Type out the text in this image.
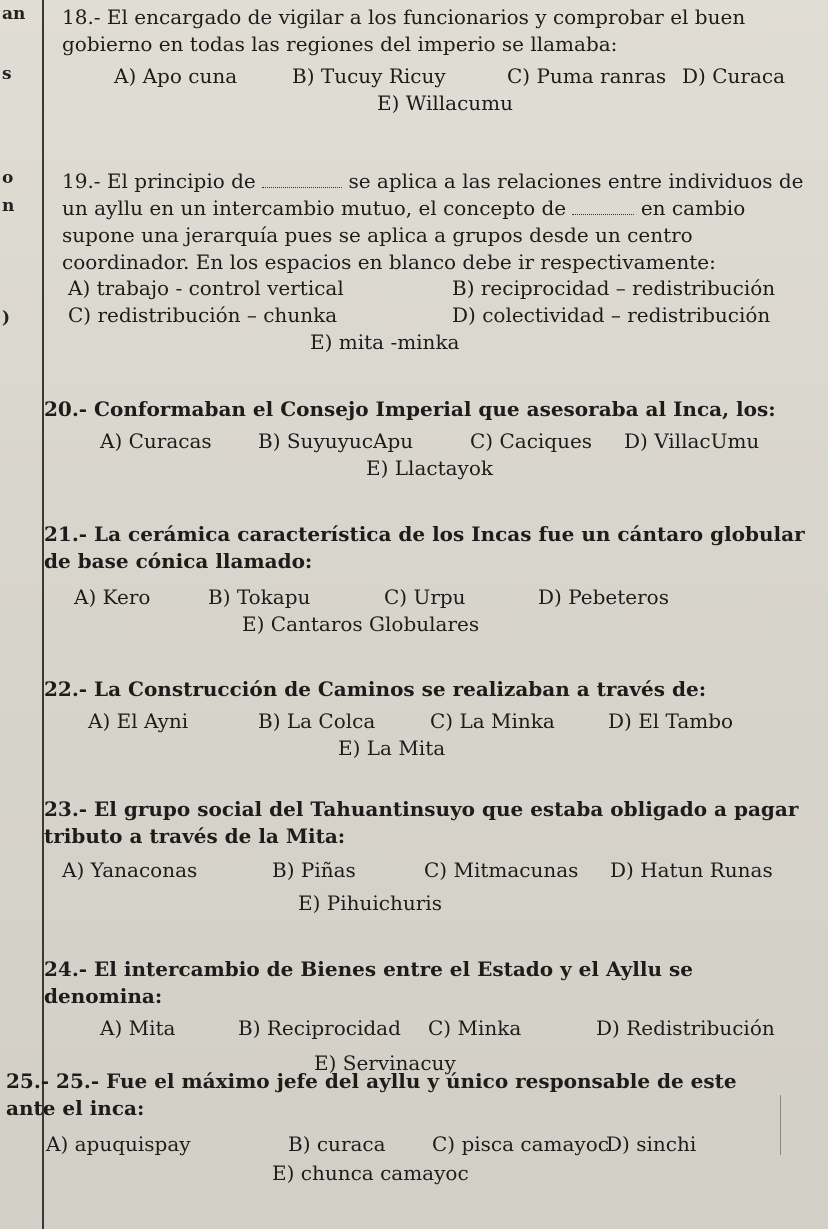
an
s
o
n
)

18.- El encargado de vigilar a los funcionarios y comprobar el buen gobierno en todas las regiones del imperio se llamaba:

A) Apo cuna	B) Tucuy Ricuy	C) Puma ranras D) Curaca
E) Willacumu

19.- El principio de	se aplica a las relaciones entre individuos de un ayllu en un intercambio mutuo, el concepto de	en cambio supone una jerarquía pues se aplica a grupos desde un centro coordinador. En los espacios en blanco debe ir respectivamente:

A) trabajo - control vertical	B) reciprocidad – redistribución
C) redistribución – chunka	D) colectividad – redistribución
E) mita -minka

20.- Conformaban el Consejo Imperial que asesoraba al Inca, los:

A) Curacas B) SuyuyucApu	C) Caciques D) VillacUmu
E) Llactayok

21.- La cerámica característica de los Incas fue un cántaro globular de base cónica llamado:

A) Kero	B) Tokapu	C) Urpu	D) Pebeteros
E) Cantaros Globulares

22.- La Construcción de Caminos se realizaban a través de:

A) El Ayni	B) La Colca	C) La Minka	D) El Tambo
E) La Mita

23.- El grupo social del Tahuantinsuyo que estaba obligado a pagar tributo a través de la Mita:

A) Yanaconas	B) Piñas	C) Mitmacunas D) Hatun Runas
E) Pihuichuris

24.- El intercambio de Bienes entre el Estado y el Ayllu se denomina:

A) Mita	B) Reciprocidad C) Minka	D) Redistribución
E) Servinacuy

25.- 25.- Fue el máximo jefe del ayllu y único responsable de este ante el inca:

A) apuquispay	B) curaca C) pisca camayoc
D) sinchi
E) chunca camayoc
